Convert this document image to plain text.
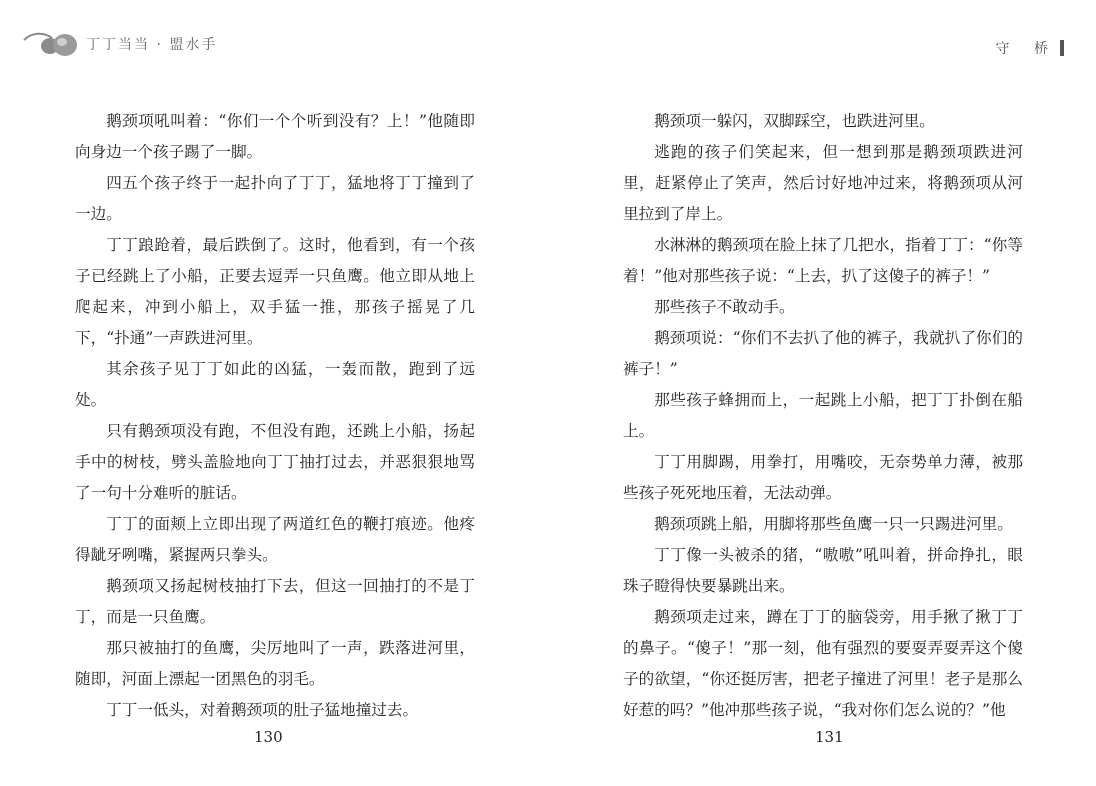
丁丁当当 · 盟水手	守 桥

鹅颈项吼叫着：“你们一个个听到没有？上！”他随即向身边一个孩子踢了一脚。

四五个孩子终于一起扑向了丁丁，猛地将丁丁撞到了一边。

丁丁踉跄着，最后跌倒了。这时，他看到，有一个孩子已经跳上了小船，正要去逗弄一只鱼鹰。他立即从地上爬起来，冲到小船上，双手猛一推，那孩子摇晃了几下，“扑通”一声跌进河里。

其余孩子见丁丁如此的凶猛，一轰而散，跑到了远处。

只有鹅颈项没有跑，不但没有跑，还跳上小船，扬起手中的树枝，劈头盖脸地向丁丁抽打过去，并恶狠狠地骂了一句十分难听的脏话。

丁丁的面颊上立即出现了两道红色的鞭打痕迹。他疼得龇牙咧嘴，紧握两只拳头。

鹅颈项又扬起树枝抽打下去，但这一回抽打的不是丁丁，而是一只鱼鹰。

那只被抽打的鱼鹰，尖厉地叫了一声，跌落进河里，随即，河面上漂起一团黑色的羽毛。

丁丁一低头，对着鹅颈项的肚子猛地撞过去。

鹅颈项一躲闪，双脚踩空，也跌进河里。

逃跑的孩子们笑起来，但一想到那是鹅颈项跌进河里，赶紧停止了笑声，然后讨好地冲过来，将鹅颈项从河里拉到了岸上。

水淋淋的鹅颈项在脸上抹了几把水，指着丁丁：“你等着！”他对那些孩子说：“上去，扒了这傻子的裤子！”

那些孩子不敢动手。

鹅颈项说：“你们不去扒了他的裤子，我就扒了你们的裤子！”

那些孩子蜂拥而上，一起跳上小船，把丁丁扑倒在船上。

丁丁用脚踢，用拳打，用嘴咬，无奈势单力薄，被那些孩子死死地压着，无法动弹。

鹅颈项跳上船，用脚将那些鱼鹰一只一只踢进河里。

丁丁像一头被杀的猪，“嗷嗷”吼叫着，拼命挣扎，眼珠子瞪得快要暴跳出来。

鹅颈项走过来，蹲在丁丁的脑袋旁，用手揪了揪丁丁的鼻子。“傻子！”那一刻，他有强烈的要耍弄耍弄这个傻子的欲望，“你还挺厉害，把老子撞进了河里！老子是那么好惹的吗？”他冲那些孩子说，“我对你们怎么说的？”他

130	131
